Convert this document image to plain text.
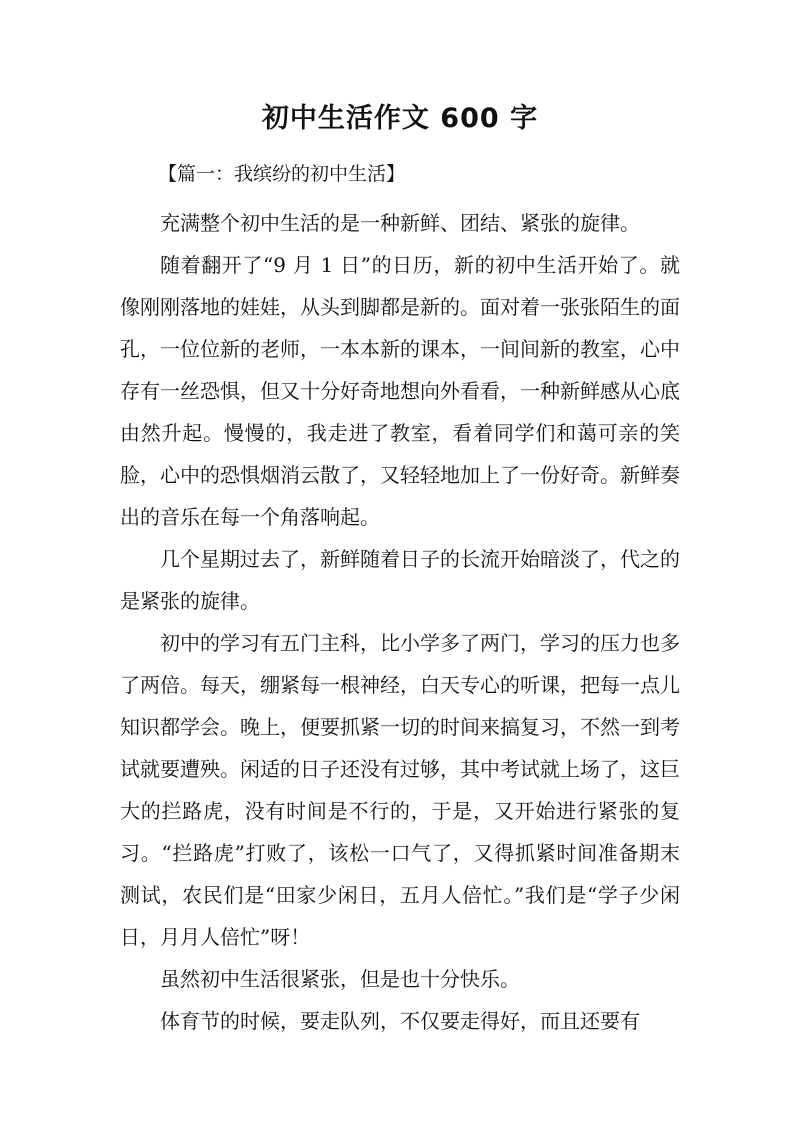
初中生活作文 600 字
【篇一：我缤纷的初中生活】

充满整个初中生活的是一种新鲜、团结、紧张的旋律。

随着翻开了“9 月 1 日”的日历，新的初中生活开始了。就像刚刚落地的娃娃，从头到脚都是新的。面对着一张张陌生的面孔，一位位新的老师，一本本新的课本，一间间新的教室，心中存有一丝恐惧，但又十分好奇地想向外看看，一种新鲜感从心底由然升起。慢慢的，我走进了教室，看着同学们和蔼可亲的笑脸，心中的恐惧烟消云散了，又轻轻地加上了一份好奇。新鲜奏出的音乐在每一个角落响起。

几个星期过去了，新鲜随着日子的长流开始暗淡了，代之的是紧张的旋律。

初中的学习有五门主科，比小学多了两门，学习的压力也多了两倍。每天，绷紧每一根神经，白天专心的听课，把每一点儿知识都学会。晚上，便要抓紧一切的时间来搞复习，不然一到考试就要遭殃。闲适的日子还没有过够，其中考试就上场了，这巨大的拦路虎，没有时间是不行的，于是，又开始进行紧张的复习。“拦路虎”打败了，该松一口气了，又得抓紧时间准备期末测试，农民们是“田家少闲日，五月人倍忙。”我们是“学子少闲日，月月人倍忙”呀！

虽然初中生活很紧张，但是也十分快乐。

体育节的时候，要走队列，不仅要走得好，而且还要有
